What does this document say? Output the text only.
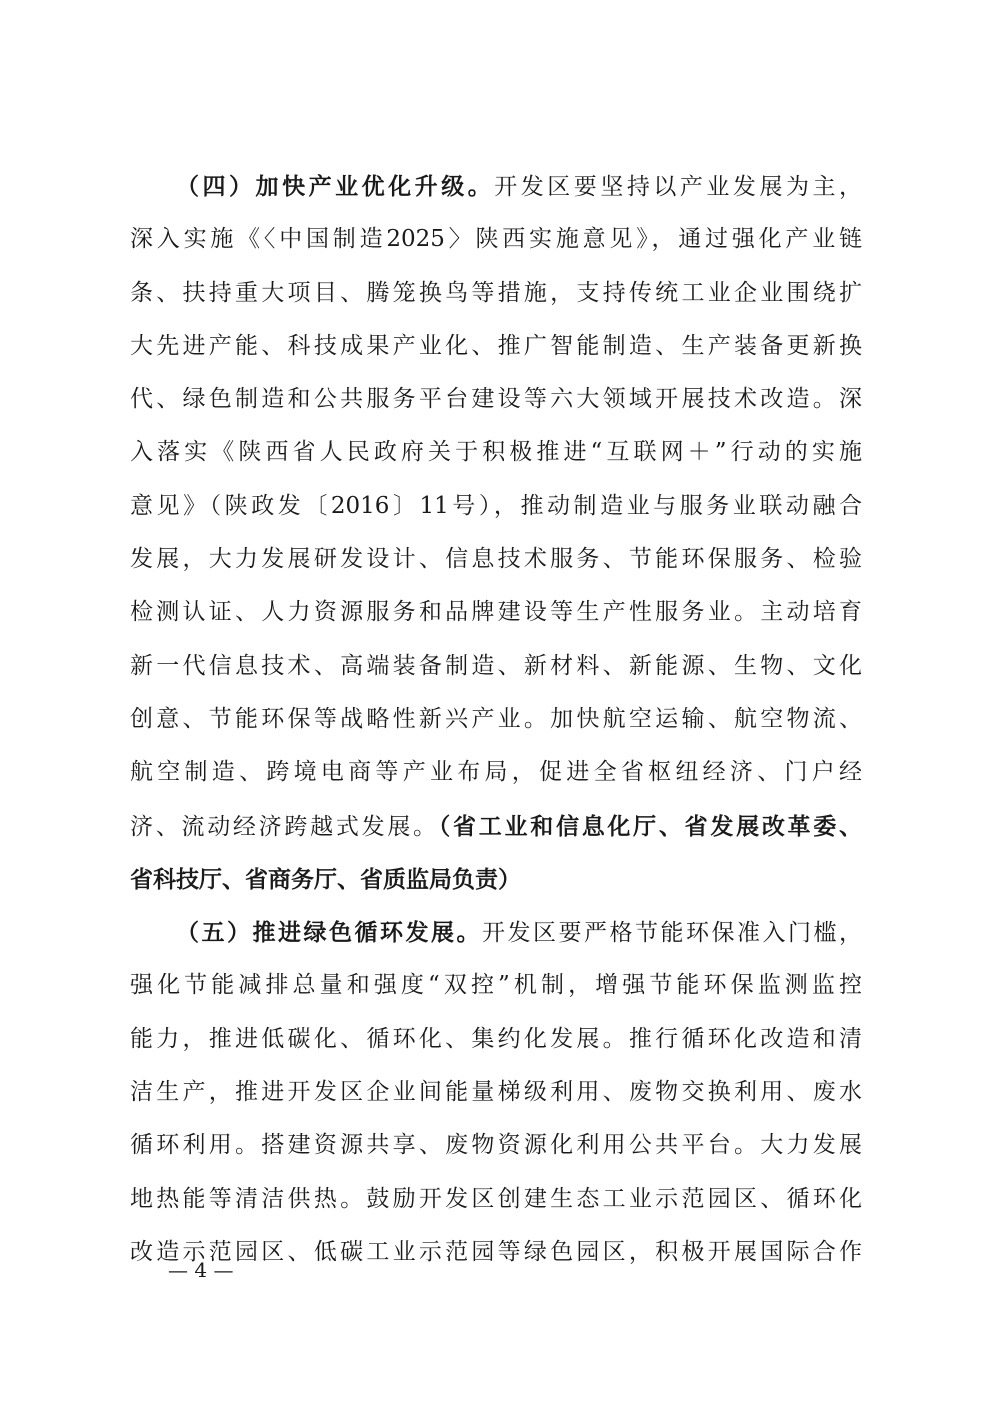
（四）加快产业优化升级。开发区要坚持以产业发展为主，
深入实施《〈中国制造2025〉陕西实施意见》，通过强化产业链
条、扶持重大项目、腾笼换鸟等措施，支持传统工业企业围绕扩
大先进产能、科技成果产业化、推广智能制造、生产装备更新换
代、绿色制造和公共服务平台建设等六大领域开展技术改造。深
入落实《陕西省人民政府关于积极推进“互联网＋”行动的实施
意见》（陕政发〔2016〕11号），推动制造业与服务业联动融合
发展，大力发展研发设计、信息技术服务、节能环保服务、检验
检测认证、人力资源服务和品牌建设等生产性服务业。主动培育
新一代信息技术、高端装备制造、新材料、新能源、生物、文化
创意、节能环保等战略性新兴产业。加快航空运输、航空物流、
航空制造、跨境电商等产业布局，促进全省枢纽经济、门户经
济、流动经济跨越式发展。（省工业和信息化厅、省发展改革委、
省科技厅、省商务厅、省质监局负责）
（五）推进绿色循环发展。开发区要严格节能环保准入门槛，
强化节能减排总量和强度“双控”机制，增强节能环保监测监控
能力，推进低碳化、循环化、集约化发展。推行循环化改造和清
洁生产，推进开发区企业间能量梯级利用、废物交换利用、废水
循环利用。搭建资源共享、废物资源化利用公共平台。大力发展
地热能等清洁供热。鼓励开发区创建生态工业示范园区、循环化
改造示范园区、低碳工业示范园等绿色园区，积极开展国际合作
— 4 —
